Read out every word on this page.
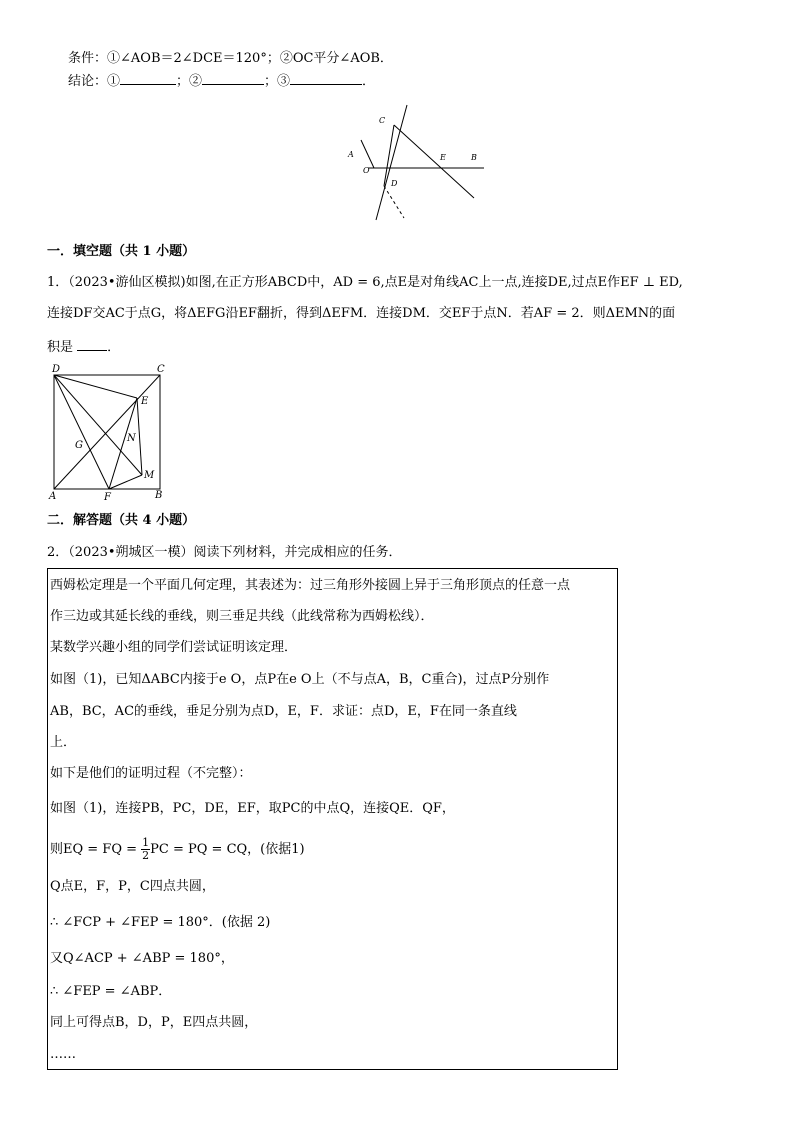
条件：①∠AOB＝2∠DCE＝120°；②OC平分∠AOB．
结论：①	；②	；③	．
C
A
O
D
E	B
一．填空题（共 1 小题）
1．（2023•游仙区模拟)如图,在正方形ABCD中，AD = 6,点E是对角线AC上一点,连接DE,过点E作EF ⊥ ED,
连接DF交AC于点G，将ΔEFG沿EF翻折，得到ΔEFM．连接DM．交EF于点N．若AF = 2．则ΔEMN的面
积是	．
D	C
E
G
N
M
A	F	B
二．解答题（共 4 小题）
2．（2023•朔城区一模）阅读下列材料，并完成相应的任务．
西姆松定理是一个平面几何定理，其表述为：过三角形外接圆上异于三角形顶点的任意一点
作三边或其延长线的垂线，则三垂足共线（此线常称为西姆松线）．
某数学兴趣小组的同学们尝试证明该定理．
如图（1)，已知ΔABC内接于e O，点P在e O上（不与点A，B，C重合)，过点P分别作
AB，BC，AC的垂线，垂足分别为点D，E，F．求证：点D，E，F在同一条直线
上．
如下是他们的证明过程（不完整）：
如图（1)，连接PB，PC，DE，EF，取PC的中点Q，连接QE．QF，
则EQ = FQ = $\frac{1}{2}$ PC = PQ = CQ，(依据1)
Q点E，F，P，C四点共圆，
∴ ∠FCP + ∠FEP = 180°．(依据 2)
又Q∠ACP + ∠ABP = 180°，
∴ ∠FEP = ∠ABP．
同上可得点B，D，P，E四点共圆，
……
